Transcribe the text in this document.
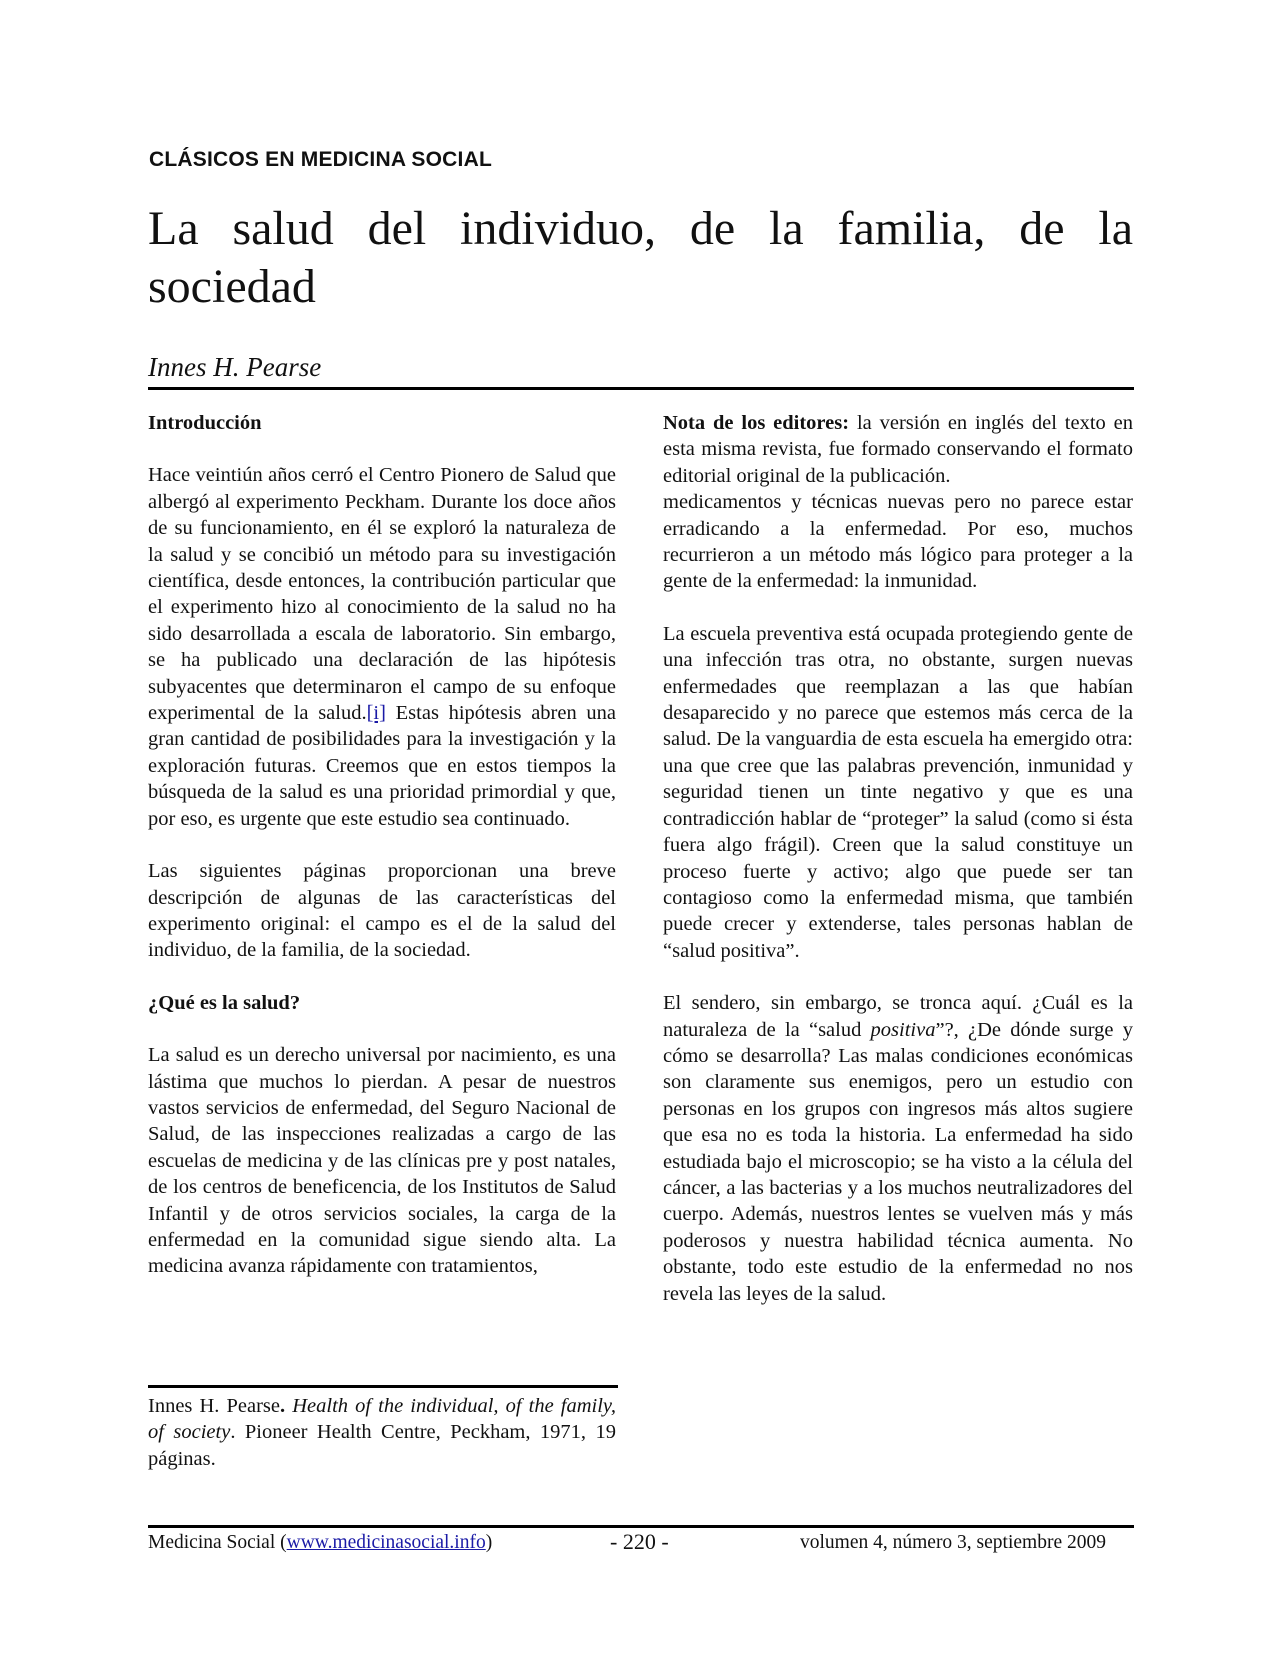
CLÁSICOS EN MEDICINA SOCIAL
La salud del individuo, de la familia, de la sociedad
Innes H. Pearse
Introducción

Hace veintiún años cerró el Centro Pionero de Salud que albergó al experimento Peckham. Durante los doce años de su funcionamiento, en él se exploró la naturaleza de la salud y se concibió un método para su investigación científica, desde entonces, la contribución particular que el experimento hizo al conocimiento de la salud no ha sido desarrollada a escala de laboratorio. Sin embargo, se ha publicado una declaración de las hipótesis subyacentes que determinaron el campo de su enfoque experimental de la salud.[i] Estas hipótesis abren una gran cantidad de posibilidades para la investigación y la exploración futuras. Creemos que en estos tiempos la búsqueda de la salud es una prioridad primordial y que, por eso, es urgente que este estudio sea continuado.

Las siguientes páginas proporcionan una breve descripción de algunas de las características del experimento original: el campo es el de la salud del individuo, de la familia, de la sociedad.

¿Qué es la salud?

La salud es un derecho universal por nacimiento, es una lástima que muchos lo pierdan. A pesar de nuestros vastos servicios de enfermedad, del Seguro Nacional de Salud, de las inspecciones realizadas a cargo de las escuelas de medicina y de las clínicas pre y post natales, de los centros de beneficencia, de los Institutos de Salud Infantil y de otros servicios sociales, la carga de la enfermedad en la comunidad sigue siendo alta. La medicina avanza rápidamente con tratamientos,

Innes H. Pearse. Health of the individual, of the family, of society. Pioneer Health Centre, Peckham, 1971, 19 páginas.

Nota de los editores: la versión en inglés del texto en esta misma revista, fue formado conservando el formato editorial original de la publicación.

medicamentos y técnicas nuevas pero no parece estar erradicando a la enfermedad. Por eso, muchos recurrieron a un método más lógico para proteger a la gente de la enfermedad: la inmunidad.

La escuela preventiva está ocupada protegiendo gente de una infección tras otra, no obstante, surgen nuevas enfermedades que reemplazan a las que habían desaparecido y no parece que estemos más cerca de la salud. De la vanguardia de esta escuela ha emergido otra: una que cree que las palabras prevención, inmunidad y seguridad tienen un tinte negativo y que es una contradicción hablar de “proteger” la salud (como si ésta fuera algo frágil). Creen que la salud constituye un proceso fuerte y activo; algo que puede ser tan contagioso como la enfermedad misma, que también puede crecer y extenderse, tales personas hablan de “salud positiva”.

El sendero, sin embargo, se tronca aquí. ¿Cuál es la naturaleza de la “salud positiva”?, ¿De dónde surge y cómo se desarrolla? Las malas condiciones económicas son claramente sus enemigos, pero un estudio con personas en los grupos con ingresos más altos sugiere que esa no es toda la historia. La enfermedad ha sido estudiada bajo el microscopio; se ha visto a la célula del cáncer, a las bacterias y a los muchos neutralizadores del cuerpo. Además, nuestros lentes se vuelven más y más poderosos y nuestra habilidad técnica aumenta. No obstante, todo este estudio de la enfermedad no nos revela las leyes de la salud.

Medicina Social (www.medicinasocial.info)	- 220 -	volumen 4, número 3, septiembre 2009
